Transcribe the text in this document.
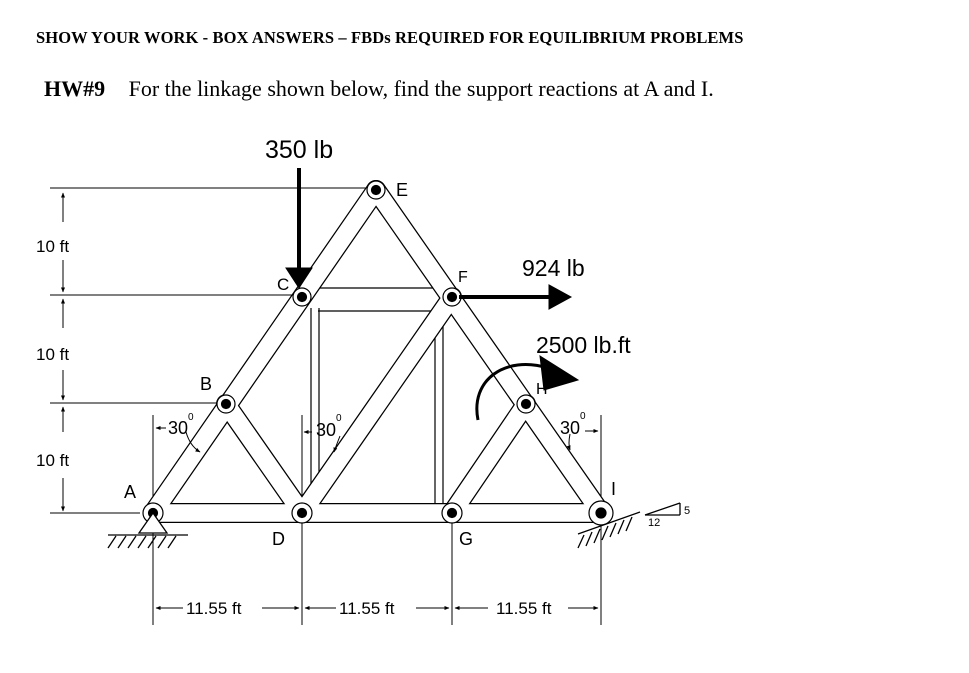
SHOW YOUR WORK - BOX ANSWERS – FBDs REQUIRED FOR EQUILIBRIUM PROBLEMS
HW#9 For the linkage shown below, find the support reactions at A and I.
10 ft
10 ft
10 ft
11.55 ft	11.55 ft	11.55 ft
5
12
350 lb
924 lb
2500 lb.ft
30
0
30
0	30
0
A
B
C
D
E
F
G
H
I
